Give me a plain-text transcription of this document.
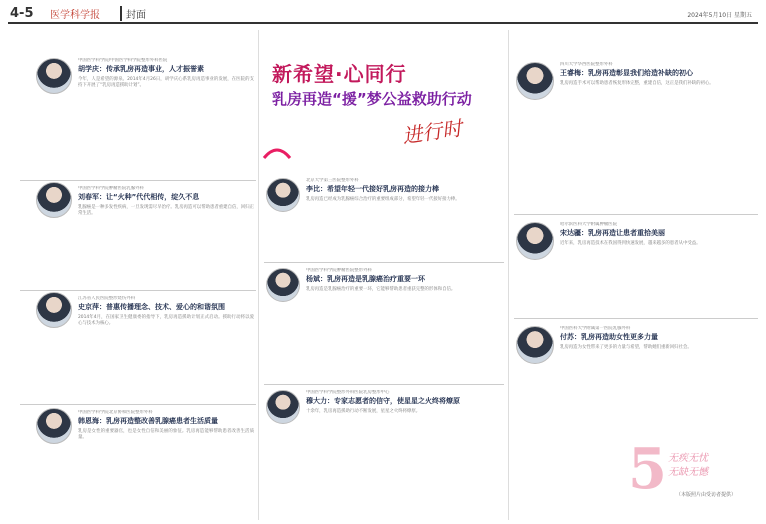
4-5 医学科学报	封面	2024年5月10日 星期五
中国医学科学院/中国医学科学院整形外科医院
胡学庆：传承乳房再造事业，人才振誉素
今年，人是希望的源泉。2014年4月26日，胡学庆心系乳房再造事业的发展，在医院的支持下开展了“乳房再造援助计划”。
中国医学科学院肿瘤医院乳腺外科
刘春军：让“火种”代代相传，绽久不息
乳腺癌是一种多发性疾病，一旦发现需尽早治疗。乳房再造可以帮助患者重建自信，回归正常生活。
江苏省人民医院整形烧伤外科
史京萍：普惠传播理念、技术、爱心的和谐氛围
2014年4月，在国家卫生健康委的指导下，乳房再造援助计划正式启动。援助行动将以爱心与技术为核心。
中国医学科学院北京协和医院整形外科
韩恩海：乳房再造整改善乳腺癌患者生活质量
乳房是女性的重要器官，也是女性自信和美丽的象征。乳房再造能够帮助患者改善生活质量。
新希望·心同行
乳房再造“援”梦公益救助行动
进行时
北京大学第三医院整形外科
李比：希望年轻一代接好乳房再造的接力棒
乳房再造已经成为乳腺癌综合治疗的重要组成部分，希望年轻一代接好接力棒。
中国医学科学院肿瘤医院整形外科
杨斌：乳房再造是乳腺癌治疗重要一环
乳房再造是乳腺癌治疗的重要一环，它能够帮助患者重获完整的形体和自信。
中国医学科学院整形外科医院乳房整形中心
穆大力：专家志愿者的信守，使星星之火终将燎原
十余年，乳房再造援助行动不断发展，星星之火终将燎原。
四川大学华西医院整形外科
王睿梅：乳房再造彰显我们给造补缺的初心
乳房再造手术可以帮助患者恢复形体完整，重建自信，这正是我们补缺的初心。
哈尔滨医科大学附属肿瘤医院
宋达疆：乳房再造让患者重拾美丽
近年来，乳房再造技术在我国得到快速发展，越来越多的患者从中受益。
中国医科大学附属第一医院乳腺外科
付苏：乳房再造助女性更多力量
乳房再造为女性带来了更多的力量与希望，帮助她们重新回归社会。
5 无疾无忧
无缺无憾
（本版照片由受访者提供）
